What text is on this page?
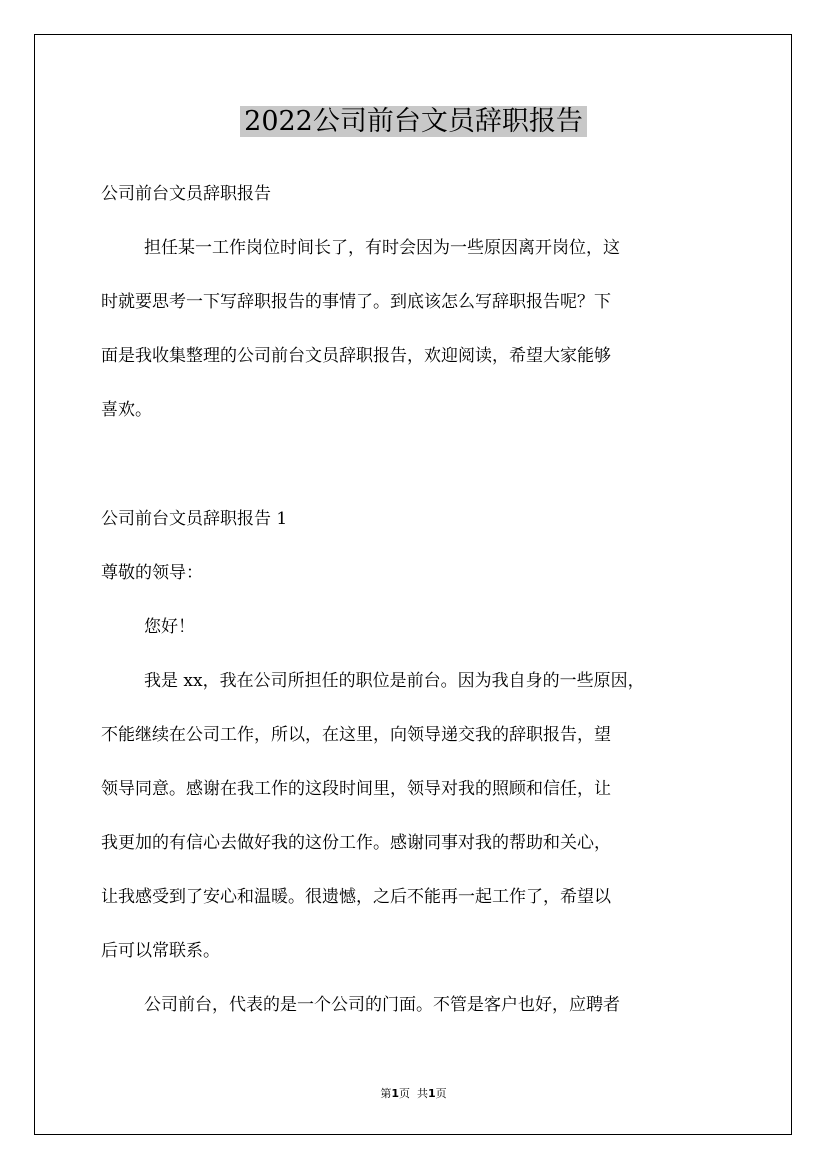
2022公司前台文员辞职报告
公司前台文员辞职报告
担任某一工作岗位时间长了，有时会因为一些原因离开岗位，这
时就要思考一下写辞职报告的事情了。到底该怎么写辞职报告呢？下
面是我收集整理的公司前台文员辞职报告，欢迎阅读，希望大家能够
喜欢。
公司前台文员辞职报告 1
尊敬的领导：
您好！
我是 xx，我在公司所担任的职位是前台。因为我自身的一些原因，
不能继续在公司工作，所以，在这里，向领导递交我的辞职报告，望
领导同意。感谢在我工作的这段时间里，领导对我的照顾和信任，让
我更加的有信心去做好我的这份工作。感谢同事对我的帮助和关心，
让我感受到了安心和温暖。很遗憾，之后不能再一起工作了，希望以
后可以常联系。
公司前台，代表的是一个公司的门面。不管是客户也好，应聘者
第1页  共1页
